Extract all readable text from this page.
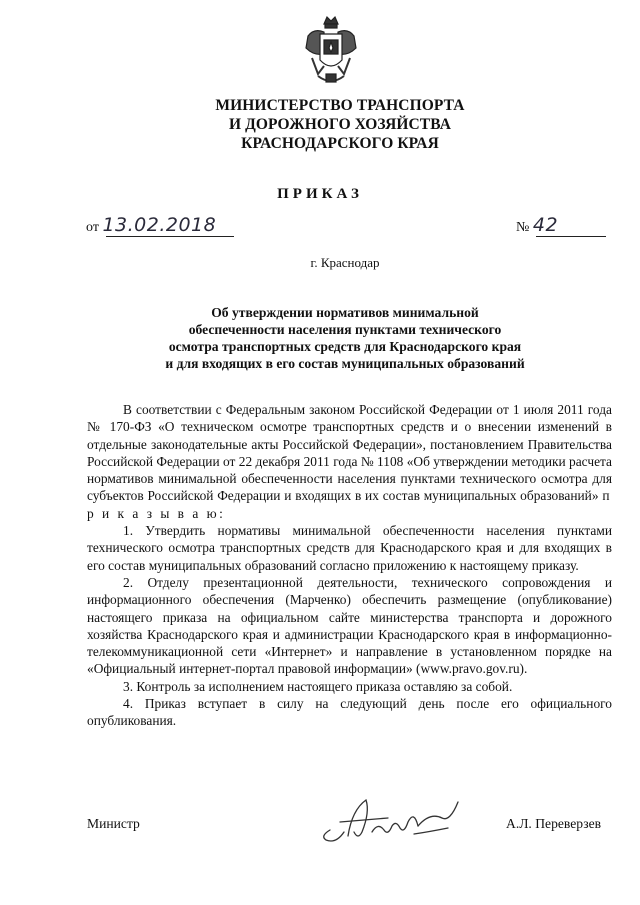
МИНИСТЕРСТВО ТРАНСПОРТА
И ДОРОЖНОГО ХОЗЯЙСТВА
КРАСНОДАРСКОГО КРАЯ
ПРИКАЗ
от 13.02.2018	№ 42
г. Краснодар
Об утверждении нормативов минимальной
обеспеченности населения пунктами технического
осмотра транспортных средств для Краснодарского края
и для входящих в его состав муниципальных образований

В соответствии с Федеральным законом Российской Федерации от 1 июля 2011 года № 170-ФЗ «О техническом осмотре транспортных средств и о внесении изменений в отдельные законодательные акты Российской Федерации», постановлением Правительства Российской Федерации от 22 декабря 2011 года № 1108 «Об утверждении методики расчета нормативов минимальной обеспеченности населения пунктами технического осмотра для субъектов Российской Федерации и входящих в их состав муниципальных образований» п р и к а з ы в а ю:

1. Утвердить нормативы минимальной обеспеченности населения пунктами технического осмотра транспортных средств для Краснодарского края и для входящих в его состав муниципальных образований согласно приложению к настоящему приказу.

2. Отделу презентационной деятельности, технического сопровождения и информационного обеспечения (Марченко) обеспечить размещение (опубликование) настоящего приказа на официальном сайте министерства транспорта и дорожного хозяйства Краснодарского края и администрации Краснодарского края в информационно-телекоммуникационной сети «Интернет» и направление в установленном порядке на «Официальный интернет-портал правовой информации» (www.pravo.gov.ru).

3. Контроль за исполнением настоящего приказа оставляю за собой.

4. Приказ вступает в силу на следующий день после его официального опубликования.

Министр	А.Л. Переверзев
